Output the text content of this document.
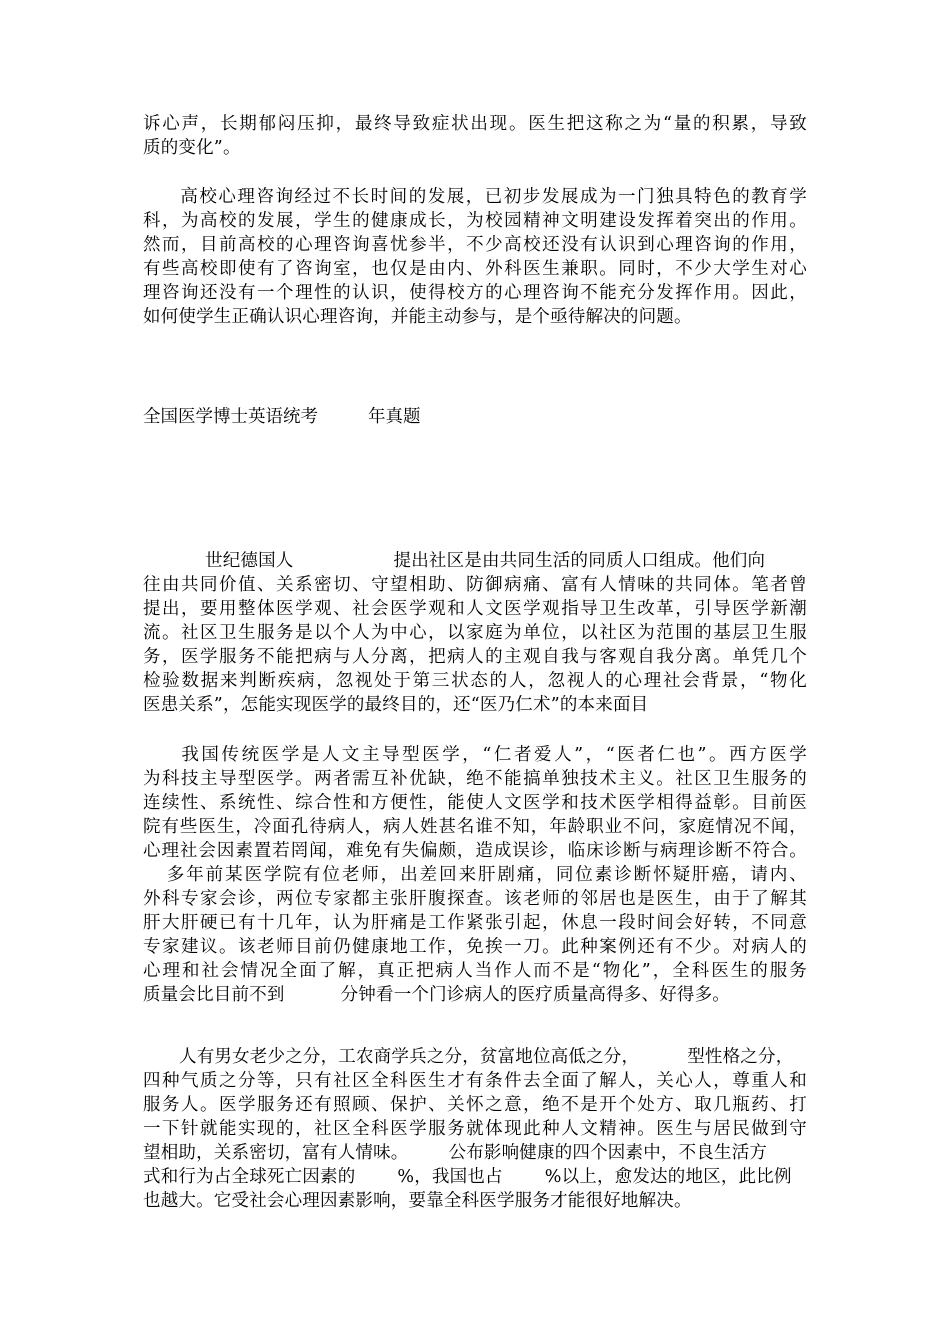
诉心声，长期郁闷压抑，最终导致症状出现。医生把这称之为“量的积累，导致
质的变化”。
高校心理咨询经过不长时间的发展，已初步发展成为一门独具特色的教育学
科，为高校的发展，学生的健康成长，为校园精神文明建设发挥着突出的作用。
然而，目前高校的心理咨询喜忧参半，不少高校还没有认识到心理咨询的作用，
有些高校即使有了咨询室，也仅是由内、外科医生兼职。同时，不少大学生对心
理咨询还没有一个理性的认识，使得校方的心理咨询不能充分发挥作用。因此，
如何使学生正确认识心理咨询，并能主动参与，是个亟待解决的问题。
全国医学博士英语统考	年真题
世纪德国人	提出社区是由共同生活的同质人口组成。他们向
往由共同价值、关系密切、守望相助、防御病痛、富有人情味的共同体。笔者曾
提出，要用整体医学观、社会医学观和人文医学观指导卫生改革，引导医学新潮
流。社区卫生服务是以个人为中心，以家庭为单位，以社区为范围的基层卫生服
务，医学服务不能把病与人分离，把病人的主观自我与客观自我分离。单凭几个
检验数据来判断疾病，忽视处于第三状态的人，忽视人的心理社会背景，“物化
医患关系”，怎能实现医学的最终目的，还“医乃仁术”的本来面目
我国传统医学是人文主导型医学，“仁者爱人”，“医者仁也”。西方医学
为科技主导型医学。两者需互补优缺，绝不能搞单独技术主义。社区卫生服务的
连续性、系统性、综合性和方便性，能使人文医学和技术医学相得益彰。目前医
院有些医生，冷面孔待病人，病人姓甚名谁不知，年龄职业不问，家庭情况不闻，
心理社会因素置若罔闻，难免有失偏颇，造成误诊，临床诊断与病理诊断不符合。
多年前某医学院有位老师，出差回来肝剧痛，同位素诊断怀疑肝癌，请内、
外科专家会诊，两位专家都主张肝腹探查。该老师的邻居也是医生，由于了解其
肝大肝硬已有十几年，认为肝痛是工作紧张引起，休息一段时间会好转，不同意
专家建议。该老师目前仍健康地工作，免挨一刀。此种案例还有不少。对病人的
心理和社会情况全面了解，真正把病人当作人而不是“物化”，全科医生的服务
质量会比目前不到	分钟看一个门诊病人的医疗质量高得多、好得多。
人有男女老少之分，工农商学兵之分，贫富地位高低之分，	型性格之分，
四种气质之分等，只有社区全科医生才有条件去全面了解人，关心人，尊重人和
服务人。医学服务还有照顾、保护、关怀之意，绝不是开个处方、取几瓶药、打
一下针就能实现的，社区全科医学服务就体现此种人文精神。医生与居民做到守
望相助，关系密切，富有人情味。 公布影响健康的四个因素中，不良生活方
式和行为占全球死亡因素的 %，我国也占 %以上，愈发达的地区，此比例
也越大。它受社会心理因素影响，要靠全科医学服务才能很好地解决。
